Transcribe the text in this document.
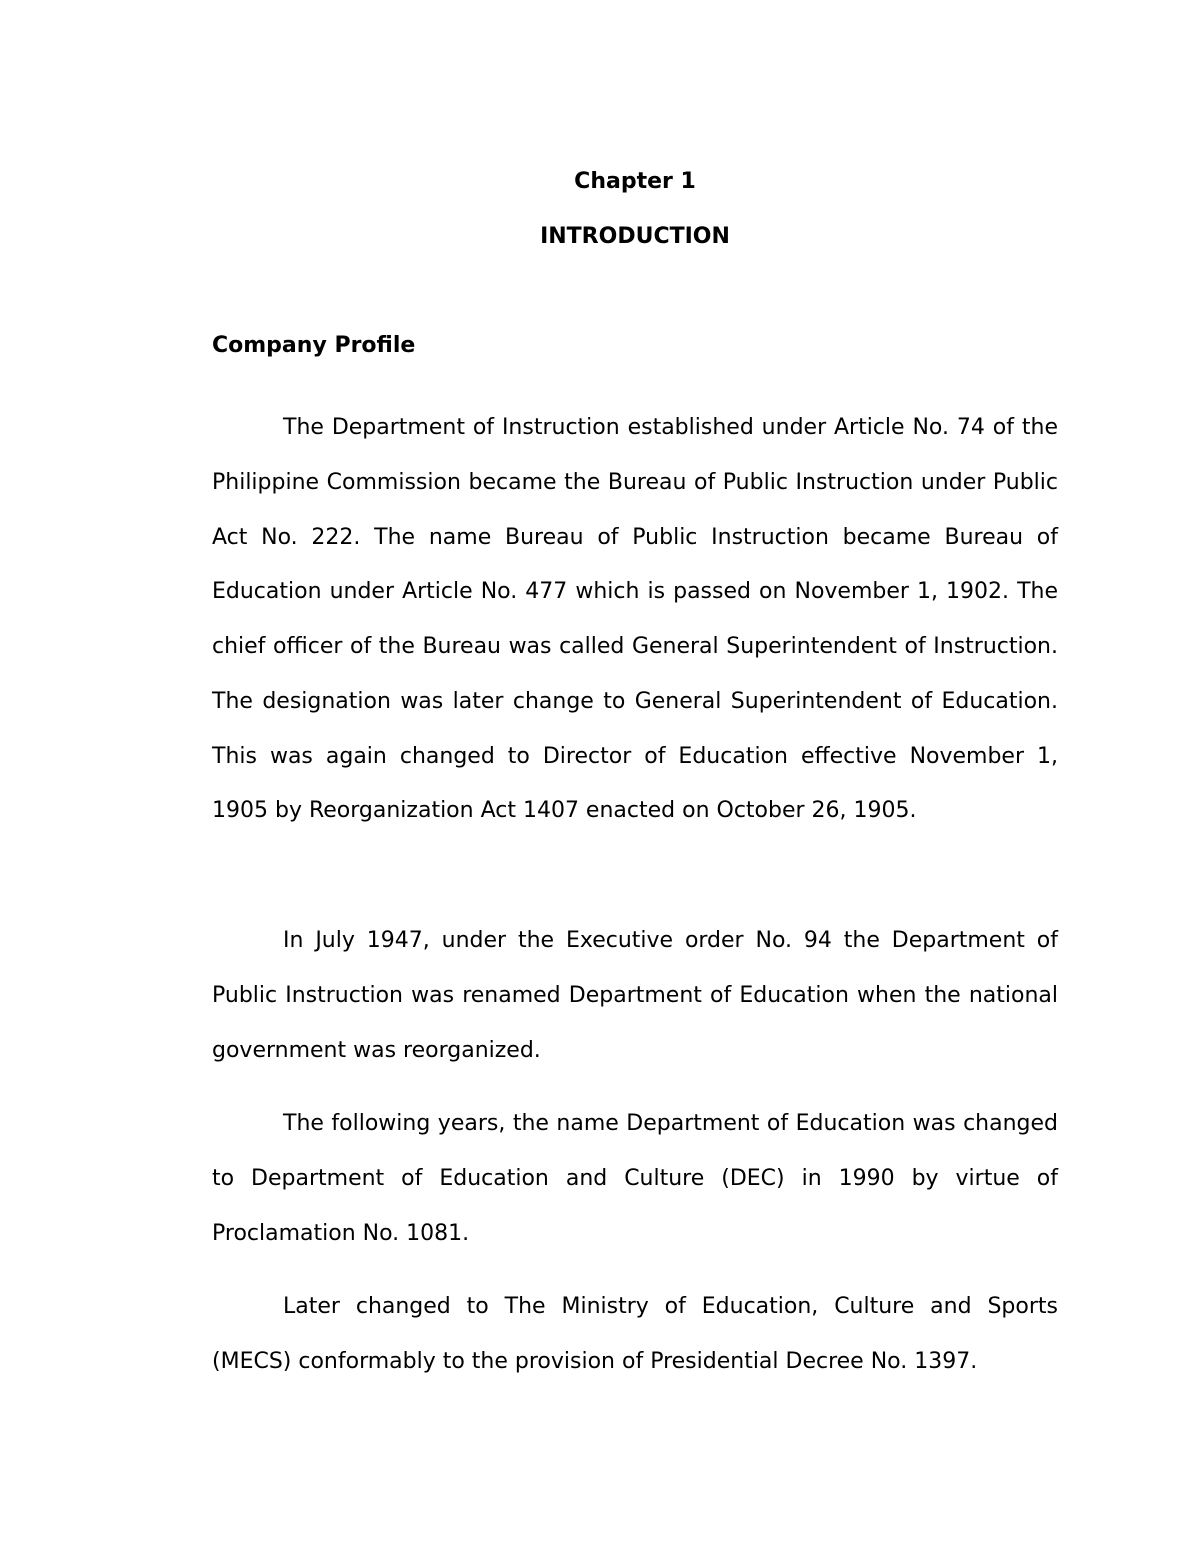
Chapter 1
INTRODUCTION
Company Profile

The Department of Instruction established under Article No. 74 of the Philippine Commission became the Bureau of Public Instruction under Public Act No. 222. The name Bureau of Public Instruction became Bureau of Education under Article No. 477 which is passed on November 1, 1902. The chief officer of the Bureau was called General Superintendent of Instruction. The designation was later change to General Superintendent of Education. This was again changed to Director of Education effective November 1, 1905 by Reorganization Act 1407 enacted on October 26, 1905.

In July 1947, under the Executive order No. 94 the Department of Public Instruction was renamed Department of Education when the national government was reorganized.

The following years, the name Department of Education was changed to Department of Education and Culture (DEC) in 1990 by virtue of Proclamation No. 1081.

Later changed to The Ministry of Education, Culture and Sports (MECS) conformably to the provision of Presidential Decree No. 1397.
